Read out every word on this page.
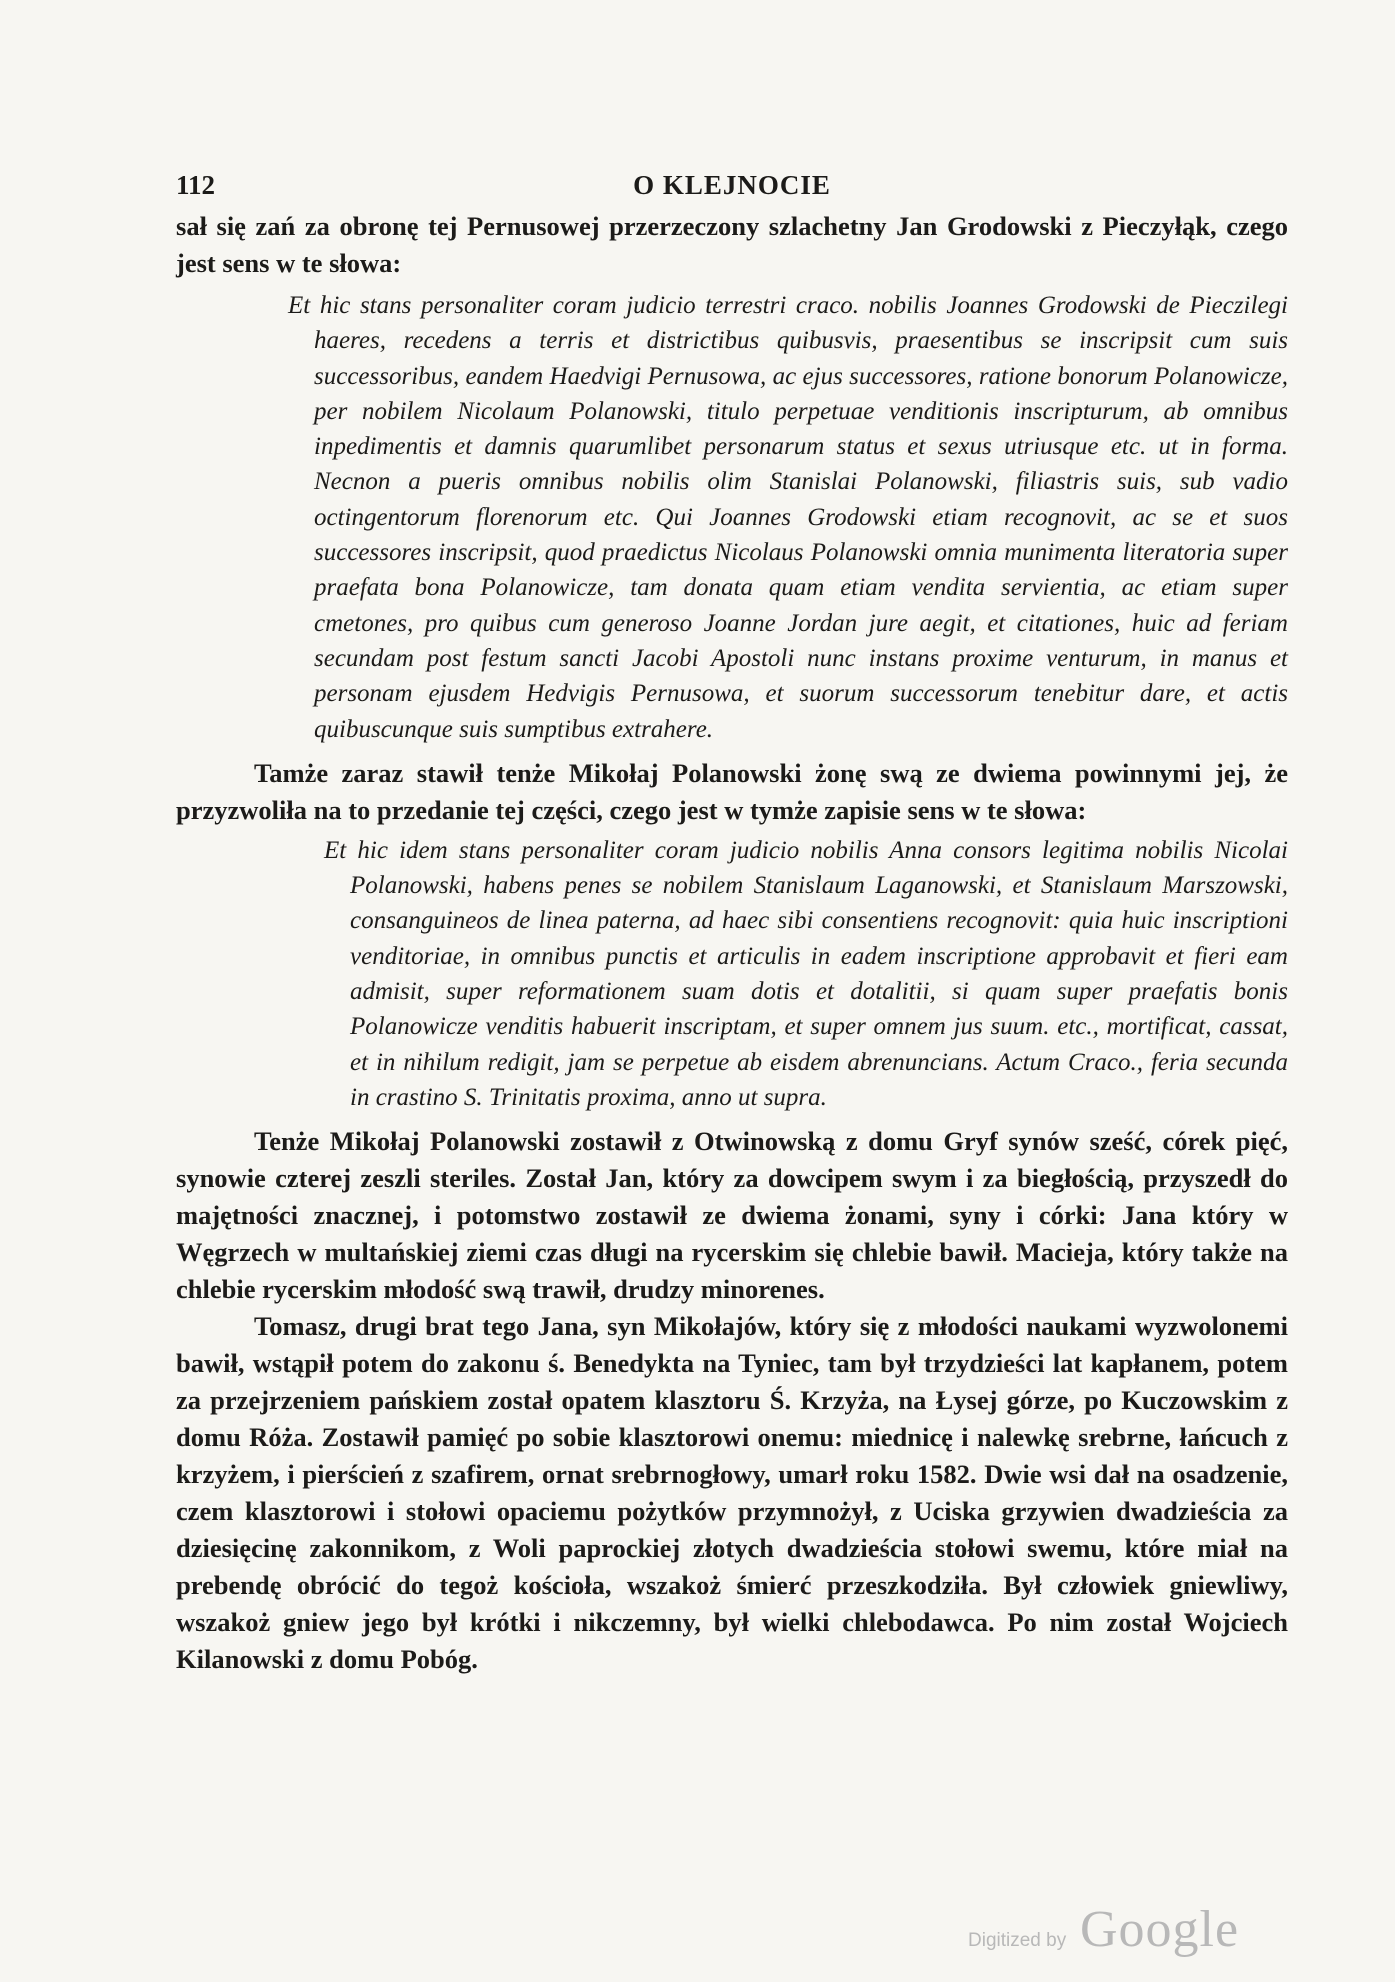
112	O KLEJNOCIE

sał się zań za obronę tej Pernusowej przerzeczony szlachetny Jan Grodowski z Pieczyłąk, czego jest sens w te słowa:

Et hic stans personaliter coram judicio terrestri craco. nobilis Joannes Grodowski de Pieczilegi haeres, recedens a terris et districtibus quibusvis, praesentibus se inscripsit cum suis successoribus, eandem Haedvigi Pernusowa, ac ejus successores, ratione bonorum Polanowicze, per nobilem Nicolaum Polanowski, titulo perpetuae venditionis inscripturum, ab omnibus inpedimentis et damnis quarumlibet personarum status et sexus utriusque etc. ut in forma. Necnon a pueris omnibus nobilis olim Stanislai Polanowski, filiastris suis, sub vadio octingentorum florenorum etc. Qui Joannes Grodowski etiam recognovit, ac se et suos successores inscripsit, quod praedictus Nicolaus Polanowski omnia munimenta literatoria super praefata bona Polanowicze, tam donata quam etiam vendita servientia, ac etiam super cmetones, pro quibus cum generoso Joanne Jordan jure aegit, et citationes, huic ad feriam secundam post festum sancti Jacobi Apostoli nunc instans proxime venturum, in manus et personam ejusdem Hedvigis Pernusowa, et suorum successorum tenebitur dare, et actis quibuscunque suis sumptibus extrahere.

Tamże zaraz stawił tenże Mikołaj Polanowski żonę swą ze dwiema powinnymi jej, że przyzwoliła na to przedanie tej części, czego jest w tymże zapisie sens w te słowa:

Et hic idem stans personaliter coram judicio nobilis Anna consors legitima nobilis Nicolai Polanowski, habens penes se nobilem Stanislaum Laganowski, et Stanislaum Marszowski, consanguineos de linea paterna, ad haec sibi consentiens recognovit: quia huic inscriptioni venditoriae, in omnibus punctis et articulis in eadem inscriptione approbavit et fieri eam admisit, super reformationem suam dotis et dotalitii, si quam super praefatis bonis Polanowicze venditis habuerit inscriptam, et super omnem jus suum. etc., mortificat, cassat, et in nihilum redigit, jam se perpetue ab eisdem abrenuncians. Actum Craco., feria secunda in crastino S. Trinitatis proxima, anno ut supra.

Tenże Mikołaj Polanowski zostawił z Otwinowską z domu Gryf synów sześć, córek pięć, synowie czterej zeszli steriles. Został Jan, który za dowcipem swym i za biegłością, przyszedł do majętności znacznej, i potomstwo zostawił ze dwiema żonami, syny i córki: Jana który w Węgrzech w multańskiej ziemi czas długi na rycerskim się chlebie bawił. Macieja, który także na chlebie rycerskim młodość swą trawił, drudzy minorenes.

Tomasz, drugi brat tego Jana, syn Mikołajów, który się z młodości naukami wyzwolonemi bawił, wstąpił potem do zakonu ś. Benedykta na Tyniec, tam był trzydzieści lat kapłanem, potem za przejrzeniem pańskiem został opatem klasztoru Ś. Krzyża, na Łysej górze, po Kuczowskim z domu Róża. Zostawił pamięć po sobie klasztorowi onemu: miednicę i nalewkę srebrne, łańcuch z krzyżem, i pierścień z szafirem, ornat srebrnogłowy, umarł roku 1582. Dwie wsi dał na osadzenie, czem klasztorowi i stołowi opaciemu pożytków przymnożył, z Uciska grzywien dwadzieścia za dziesięcinę zakonnikom, z Woli paprockiej złotych dwadzieścia stołowi swemu, które miał na prebendę obrócić do tegoż kościoła, wszakoż śmierć przeszkodziła. Był człowiek gniewliwy, wszakoż gniew jego był krótki i nikczemny, był wielki chlebodawca. Po nim został Wojciech Kilanowski z domu Pobóg.

Digitized by Google
